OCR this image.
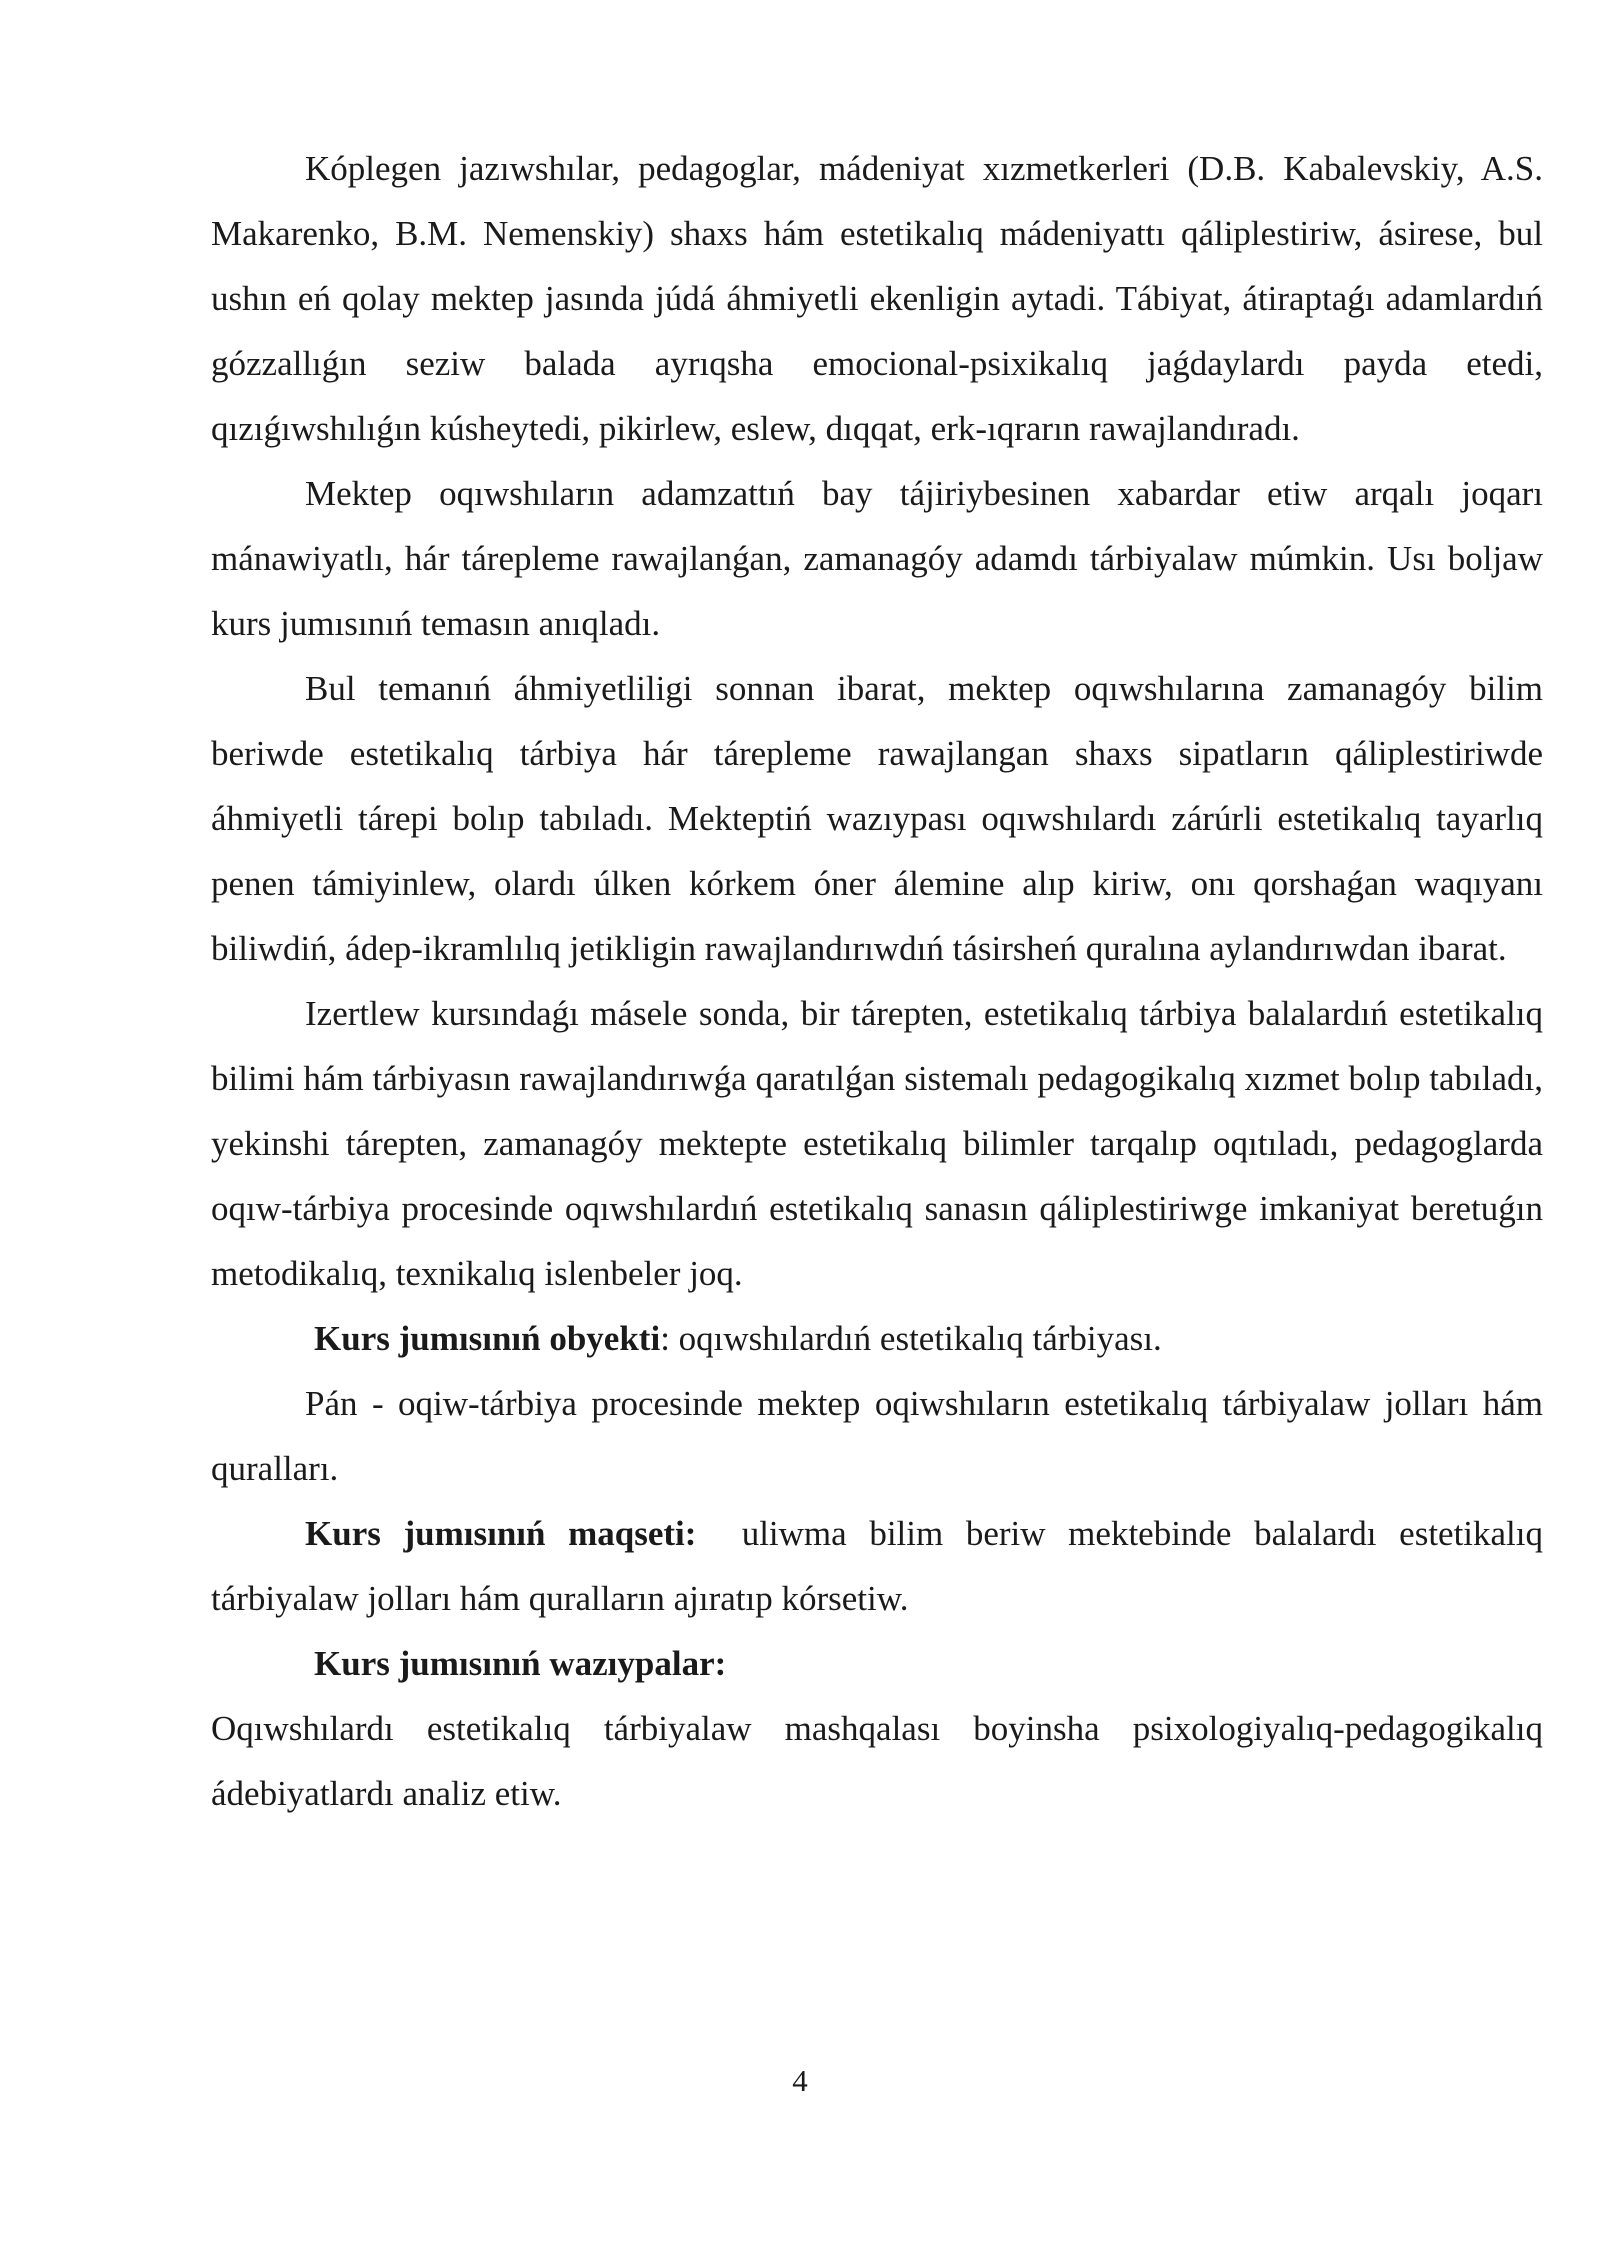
Kóplegen jazıwshılar, pedagoglar, mádeniyat xızmetkerleri (D.B. Kabalevskiy, A.S. Makarenko, B.M. Nemenskiy) shaxs hám estetikalıq mádeniyattı qáliplestiriw, ásirese, bul ushın eń qolay mektep jasında júdá áhmiyetli ekenligin aytadi. Tábiyat, átiraptaǵı adamlardıń gózzallıǵın seziw balada ayrıqsha emocional-psixikalıq jaǵdaylardı payda etedi, qızıǵıwshılıǵın kúsheytedi, pikirlew, eslew, dıqqat, erk-ıqrarın rawajlandıradı.

Mektep oqıwshıların adamzattıń bay tájiriybesinen xabardar etiw arqalı joqarı mánawiyatlı, hár tárepleme rawajlanǵan, zamanagóy adamdı tárbiyalaw múmkin. Usı boljaw kurs jumısınıń temasın anıqladı.

Bul temanıń áhmiyetliligi sonnan ibarat, mektep oqıwshılarına zamanagóy bilim beriwde estetikalıq tárbiya hár tárepleme rawajlangan shaxs sipatların qáliplestiriwde áhmiyetli tárepi bolıp tabıladı. Mekteptiń wazıypası oqıwshılardı zárúrli estetikalıq tayarlıq penen támiyinlew, olardı úlken kórkem óner álemine alıp kiriw, onı qorshaǵan waqıyanı biliwdiń, ádep-ikramlılıq jetikligin rawajlandırıwdıń tásirsheń quralına aylandırıwdan ibarat.

Izertlew kursındaǵı másele sonda, bir tárepten, estetikalıq tárbiya balalardıń estetikalıq bilimi hám tárbiyasın rawajlandırıwǵa qaratılǵan sistemalı pedagogikalıq xızmet bolıp tabıladı, yekinshi tárepten, zamanagóy mektepte estetikalıq bilimler tarqalıp oqıtıladı, pedagoglarda oqıw-tárbiya procesinde oqıwshılardıń estetikalıq sanasın qáliplestiriwge imkaniyat beretuǵın metodikalıq, texnikalıq islenbeler joq.

Kurs jumısınıń obyekti: oqıwshılardıń estetikalıq tárbiyası.

Pán - oqiw-tárbiya procesinde mektep oqiwshıların estetikalıq tárbiyalaw jolları hám quralları.

Kurs jumısınıń maqseti:  uliwma bilim beriw mektebinde balalardı estetikalıq tárbiyalaw jolları hám quralların ajıratıp kórsetiw.

Kurs jumısınıń wazıypalar:

Oqıwshılardı estetikalıq tárbiyalaw mashqalası boyinsha psixologiyalıq-pedagogikalıq ádebiyatlardı analiz etiw.

4
